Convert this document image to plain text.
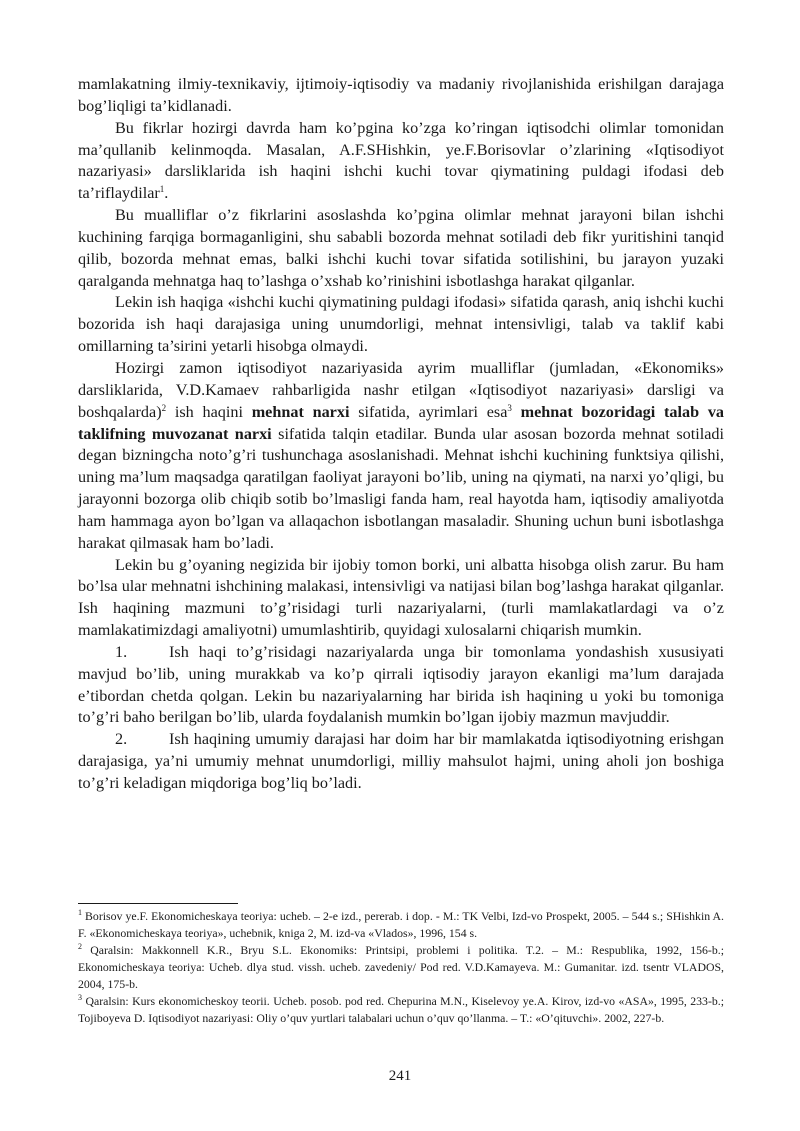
mamlakatning ilmiy-texnikaviy, ijtimoiy-iqtisodiy va madaniy rivojlanishida erishilgan darajaga bog’liqligi ta’kidlanadi.

Bu fikrlar hozirgi davrda ham ko’pgina ko’zga ko’ringan iqtisodchi olimlar tomonidan ma’qullanib kelinmoqda. Masalan, A.F.SHishkin, ye.F.Borisovlar o’zlarining «Iqtisodiyot nazariyasi» darsliklarida ish haqini ishchi kuchi tovar qiymatining puldagi ifodasi deb ta’riflaydilar$^1$.

Bu mualliflar o’z fikrlarini asoslashda ko’pgina olimlar mehnat jarayoni bilan ishchi kuchining farqiga bormaganligini, shu sababli bozorda mehnat sotiladi deb fikr yuritishini tanqid qilib, bozorda mehnat emas, balki ishchi kuchi tovar sifatida sotilishini, bu jarayon yuzaki qaralganda mehnatga haq to’lashga o’xshab ko’rinishini isbotlashga harakat qilganlar.

Lekin ish haqiga «ishchi kuchi qiymatining puldagi ifodasi» sifatida qarash, aniq ishchi kuchi bozorida ish haqi darajasiga uning unumdorligi, mehnat intensivligi, talab va taklif kabi omillarning ta’sirini yetarli hisobga olmaydi.

Hozirgi zamon iqtisodiyot nazariyasida ayrim mualliflar (jumladan, «Ekonomiks» darsliklarida, V.D.Kamaev rahbarligida nashr etilgan «Iqtisodiyot nazariyasi» darsligi va boshqalarda)$^2$ ish haqini mehnat narxi sifatida, ayrimlari esa$^3$ mehnat bozoridagi talab va taklifning muvozanat narxi sifatida talqin etadilar. Bunda ular asosan bozorda mehnat sotiladi degan bizningcha noto’g’ri tushunchaga asoslanishadi. Mehnat ishchi kuchining funktsiya qilishi, uning ma’lum maqsadga qaratilgan faoliyat jarayoni bo’lib, uning na qiymati, na narxi yo’qligi, bu jarayonni bozorga olib chiqib sotib bo’lmasligi fanda ham, real hayotda ham, iqtisodiy amaliyotda ham hammaga ayon bo’lgan va allaqachon isbotlangan masaladir. Shuning uchun buni isbotlashga harakat qilmasak ham bo’ladi.

Lekin bu g’oyaning negizida bir ijobiy tomon borki, uni albatta hisobga olish zarur. Bu ham bo’lsa ular mehnatni ishchining malakasi, intensivligi va natijasi bilan bog’lashga harakat qilganlar. Ish haqining mazmuni to’g’risidagi turli nazariyalarni, (turli mamlakatlardagi va o’z mamlakatimizdagi amaliyotni) umumlashtirib, quyidagi xulosalarni chiqarish mumkin.

1.	Ish haqi to’g’risidagi nazariyalarda unga bir tomonlama yondashish xususiyati mavjud bo’lib, uning murakkab va ko’p qirrali iqtisodiy jarayon ekanligi ma’lum darajada e’tibordan chetda qolgan. Lekin bu nazariyalarning har birida ish haqining u yoki bu tomoniga to’g’ri baho berilgan bo’lib, ularda foydalanish mumkin bo’lgan ijobiy mazmun mavjuddir.

2.	Ish haqining umumiy darajasi har doim har bir mamlakatda iqtisodiyotning erishgan darajasiga, ya’ni umumiy mehnat unumdorligi, milliy mahsulot hajmi, uning aholi jon boshiga to’g’ri keladigan miqdoriga bog’liq bo’ladi.

$^1$ Borisov ye.F. Ekonomicheskaya teoriya: ucheb. – 2-e izd., pererab. i dop. - M.: TK Velbi, Izd-vo Prospekt, 2005. – 544 s.; SHishkin A. F. «Ekonomicheskaya teoriya», uchebnik, kniga 2, M. izd-va «Vlados», 1996, 154 s.

$^2$ Qaralsin: Makkonnell K.R., Bryu S.L. Ekonomiks: Printsipi, problemi i politika. T.2. – M.: Respublika, 1992, 156-b.; Ekonomicheskaya teoriya: Ucheb. dlya stud. vissh. ucheb. zavedeniy/ Pod red. V.D.Kamayeva. M.: Gumanitar. izd. tsentr VLADOS, 2004, 175-b.

$^3$ Qaralsin: Kurs ekonomicheskoy teorii. Ucheb. posob. pod red. Chepurina M.N., Kiselevoy ye.A. Kirov, izd-vo «ASA», 1995, 233-b.; Tojiboyeva D. Iqtisodiyot nazariyasi: Oliy o’quv yurtlari talabalari uchun o’quv qo’llanma. – T.: «O’qituvchi». 2002, 227-b.

241
